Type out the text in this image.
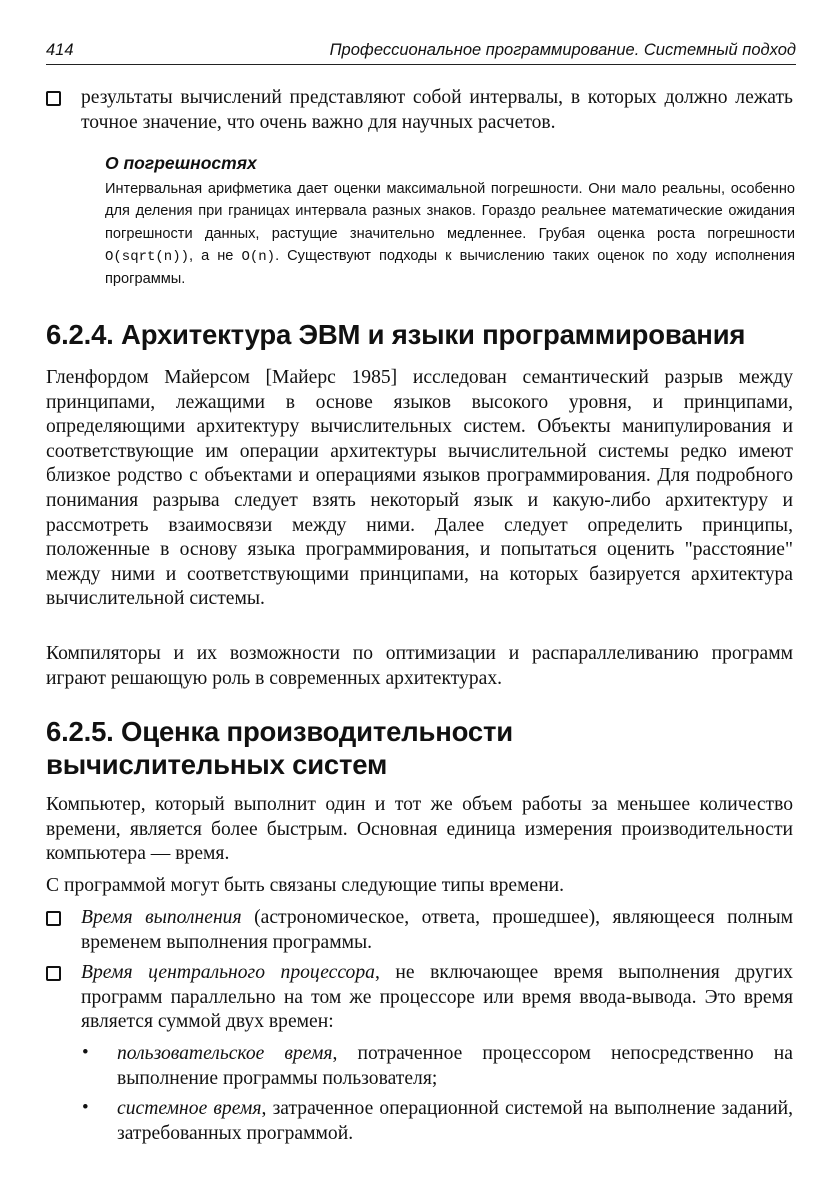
414	Профессиональное программирование. Системный подход
результаты вычислений представляют собой интервалы, в которых должно лежать точное значение, что очень важно для научных расчетов.
О погрешностях
Интервальная арифметика дает оценки максимальной погрешности. Они мало реальны, особенно для деления при границах интервала разных знаков. Гораздо реальнее математические ожидания погрешности данных, растущие значительно медленнее. Грубая оценка роста погрешности O(sqrt(n)), а не O(n). Существуют подходы к вычислению таких оценок по ходу исполнения программы.
6.2.4. Архитектура ЭВМ и языки программирования
Гленфордом Майерсом [Майерс 1985] исследован семантический разрыв между принципами, лежащими в основе языков высокого уровня, и принципами, определяющими архитектуру вычислительных систем. Объекты манипулирования и соответствующие им операции архитектуры вычислительной системы редко имеют близкое родство с объектами и операциями языков программирования. Для подробного понимания разрыва следует взять некоторый язык и какую-либо архитектуру и рассмотреть взаимосвязи между ними. Далее следует определить принципы, положенные в основу языка программирования, и попытаться оценить "расстояние" между ними и соответствующими принципами, на которых базируется архитектура вычислительной системы.
Компиляторы и их возможности по оптимизации и распараллеливанию программ играют решающую роль в современных архитектурах.
6.2.5. Оценка производительности
вычислительных систем
Компьютер, который выполнит один и тот же объем работы за меньшее количество времени, является более быстрым. Основная единица измерения производительности компьютера — время.
С программой могут быть связаны следующие типы времени.
Время выполнения (астрономическое, ответа, прошедшее), являющееся полным временем выполнения программы.
Время центрального процессора, не включающее время выполнения других программ параллельно на том же процессоре или время ввода-вывода. Это время является суммой двух времен:
• пользовательское время, потраченное процессором непосредственно на выполнение программы пользователя;
• системное время, затраченное операционной системой на выполнение заданий, затребованных программой.
